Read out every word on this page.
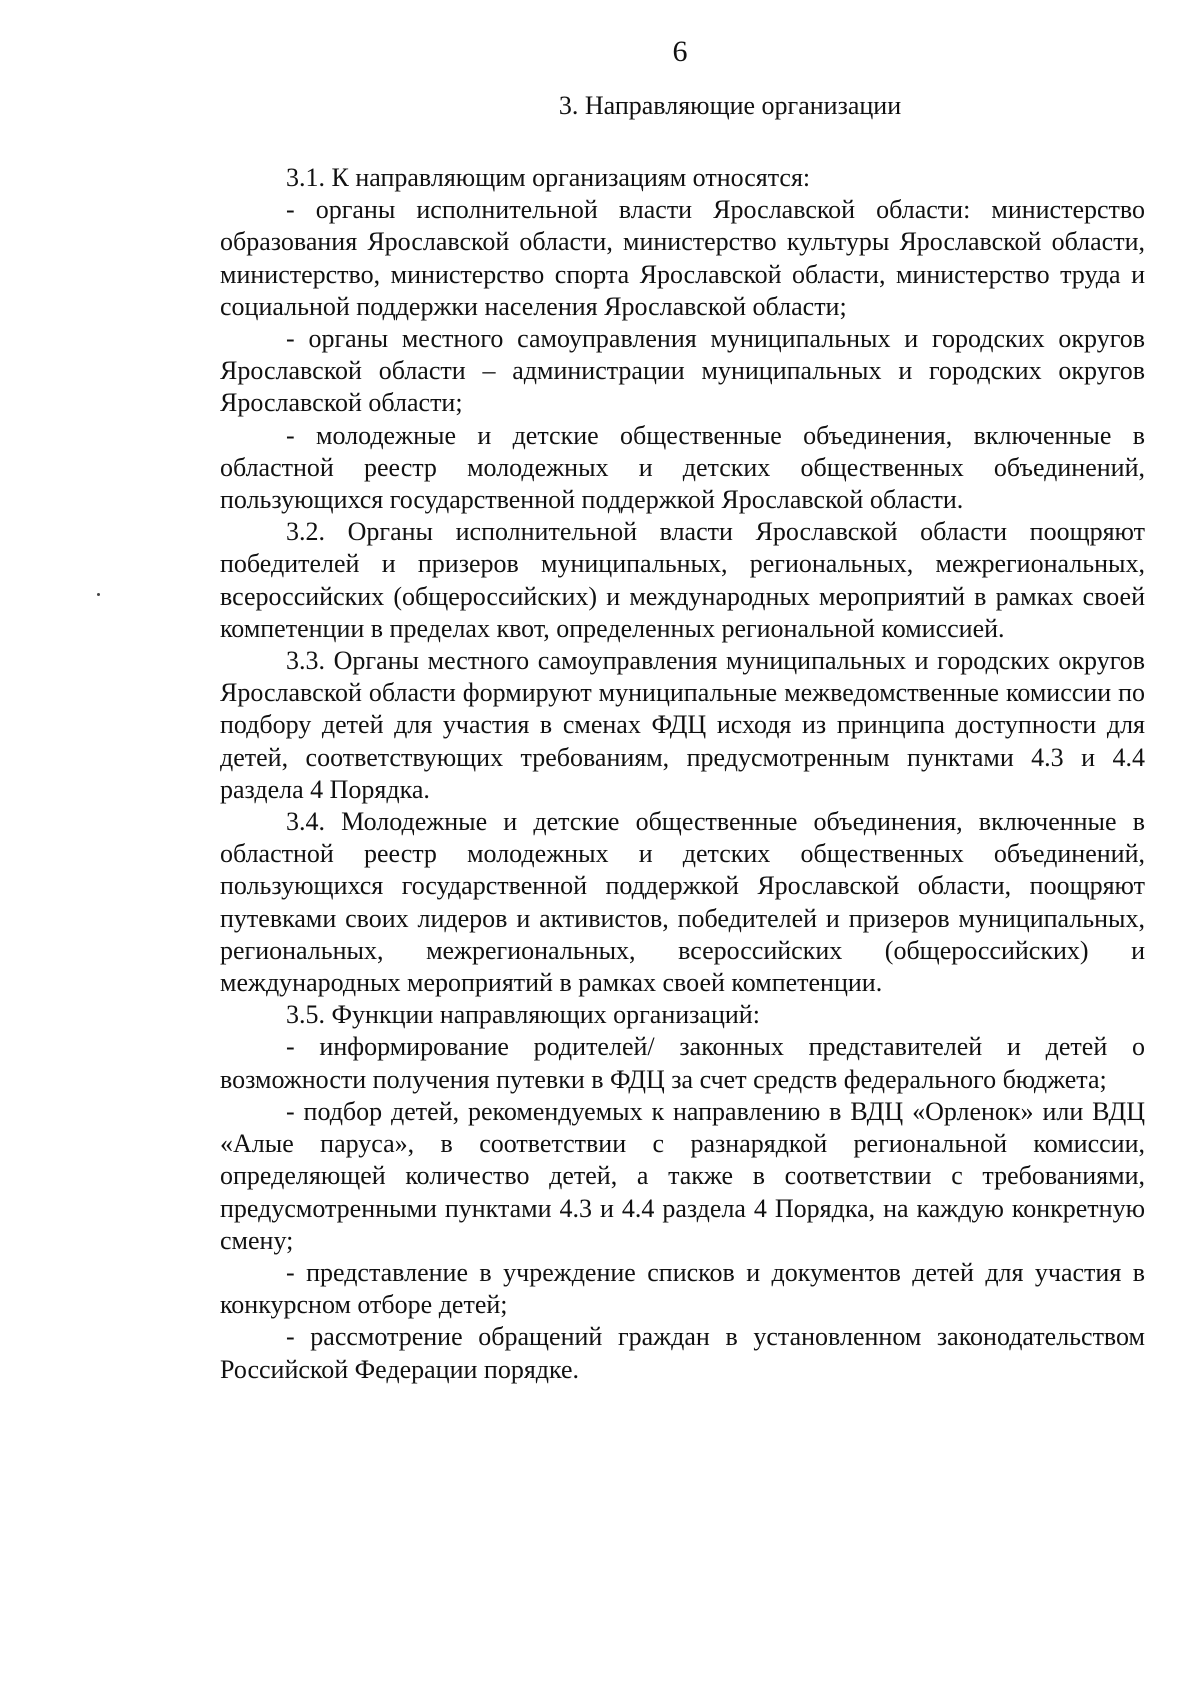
6
3. Направляющие организации

3.1. К направляющим организациям относятся:

- органы исполнительной власти Ярославской области: министерство образования Ярославской области, министерство культуры Ярославской области, министерство, министерство спорта Ярославской области, министерство труда и социальной поддержки населения Ярославской области;

- органы местного самоуправления муниципальных и городских округов Ярославской области – администрации муниципальных и городских округов Ярославской области;

- молодежные и детские общественные объединения, включенные в областной реестр молодежных и детских общественных объединений, пользующихся государственной поддержкой Ярославской области.

3.2. Органы исполнительной власти Ярославской области поощряют победителей и призеров муниципальных, региональных, межрегиональных, всероссийских (общероссийских) и международных мероприятий в рамках своей компетенции в пределах квот, определенных региональной комиссией.

3.3. Органы местного самоуправления муниципальных и городских округов Ярославской области формируют муниципальные межведомственные комиссии по подбору детей для участия в сменах ФДЦ исходя из принципа доступности для детей, соответствующих требованиям, предусмотренным пунктами 4.3 и 4.4 раздела 4 Порядка.

3.4. Молодежные и детские общественные объединения, включенные в областной реестр молодежных и детских общественных объединений, пользующихся государственной поддержкой Ярославской области, поощряют путевками своих лидеров и активистов, победителей и призеров муниципальных, региональных, межрегиональных, всероссийских (общероссийских) и международных мероприятий в рамках своей компетенции.

3.5. Функции направляющих организаций:

- информирование родителей/ законных представителей и детей о возможности получения путевки в ФДЦ за счет средств федерального бюджета;

- подбор детей, рекомендуемых к направлению в ВДЦ «Орленок» или ВДЦ «Алые паруса», в соответствии с разнарядкой региональной комиссии, определяющей количество детей, а также в соответствии с требованиями, предусмотренными пунктами 4.3 и 4.4 раздела 4 Порядка, на каждую конкретную смену;

- представление в учреждение списков и документов детей для участия в конкурсном отборе детей;

- рассмотрение обращений граждан в установленном законодательством Российской Федерации порядке.
